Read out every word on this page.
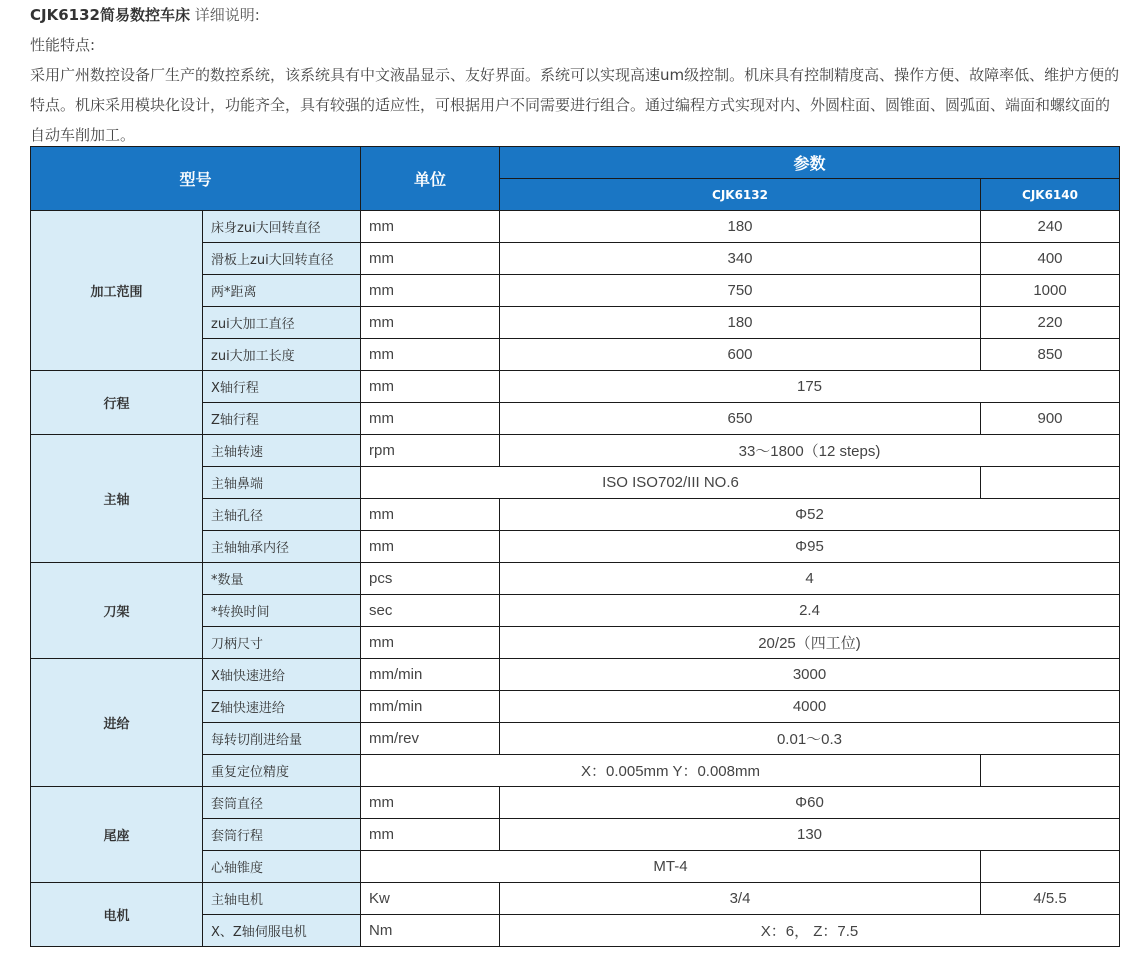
CJK6132简易数控车床 详细说明:

性能特点:

采用广州数控设备厂生产的数控系统，该系统具有中文液晶显示、友好界面。系统可以实现高速um级控制。机床具有控制精度高、操作方便、故障率低、维护方便的特点。机床采用模块化设计，功能齐全，具有较强的适应性，可根据用户不同需要进行组合。通过编程方式实现对内、外圆柱面、圆锥面、圆弧面、端面和螺纹面的自动车削加工。

型号		单位	参数	
			CJK6132	CJK6140
加工范围	床身zui大回转直径	mm	180	240
	滑板上zui大回转直径	mm	340	400
	两*距离	mm	750	1000
	zui大加工直径	mm	180	220
	zui大加工长度	mm	600	850
行程	X轴行程	mm	175	
	Z轴行程	mm	650	900
主轴	主轴转速	rpm	33～1800（12 steps)	
	主轴鼻端	ISO ISO702/III NO.6		
	主轴孔径	mm	Φ52	
	主轴轴承内径	mm	Φ95	
刀架	*数量	pcs	4	
	*转换时间	sec	2.4	
	刀柄尺寸	mm	20/25（四工位)	
进给	X轴快速进给	mm/min	3000	
	Z轴快速进给	mm/min	4000	
	每转切削进给量	mm/rev	0.01～0.3	
	重复定位精度	X：0.005mm Y：0.008mm		
尾座	套筒直径	mm	Φ60	
	套筒行程	mm	130	
	心轴锥度	MT-4		
电机	主轴电机	Kw	3/4	4/5.5
	X、Z轴伺服电机	Nm	X：6， Z：7.5	
